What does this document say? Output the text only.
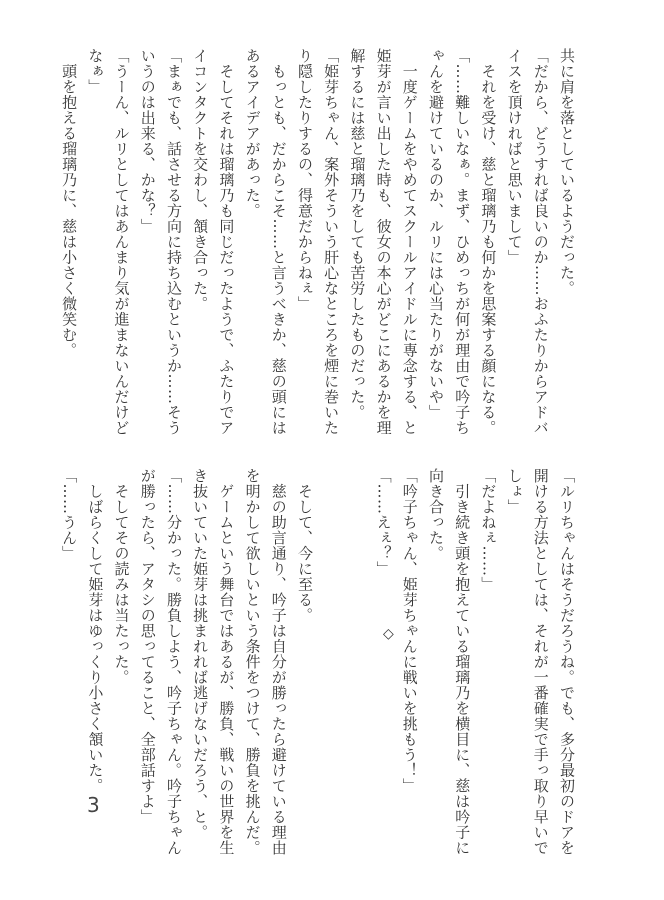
共に肩を落としているようだった。
「だから、どうすれば良いのか……おふたりからアドバイスを頂ければと思いまして」
　それを受け、慈と瑠璃乃も何かを思案する顔になる。
「……難しいなぁ。まず、ひめっちが何が理由で吟子ちゃんを避けているのか、ルリには心当たりがないや」
　一度ゲームをやめてスクールアイドルに専念する、と姫芽が言い出した時も、彼女の本心がどこにあるかを理解するには慈と瑠璃乃をしても苦労したものだった。
「姫芽ちゃん、案外そういう肝心なところを煙に巻いたり隠したりするの、得意だからねぇ」
　もっとも、だからこそ……と言うべきか、慈の頭にはあるアイデアがあった。
　そしてそれは瑠璃乃も同じだったようで、ふたりでアイコンタクトを交わし、頷き合った。
「まぁでも、話させる方向に持ち込むというか……そういうのは出来る、かな？」
「うーん、ルリとしてはあんまり気が進まないんだけどなぁ」
　頭を抱える瑠璃乃に、慈は小さく微笑む。
◇	「ルリちゃんはそうだろうね。でも、多分最初のドアを開ける方法としては、それが一番確実で手っ取り早いでしょ」
「だよねぇ……」
　引き続き頭を抱えている瑠璃乃を横目に、慈は吟子に向き合った。
「吟子ちゃん、姫芽ちゃんに戦いを挑もう！」
「……えぇ？」

　そして、今に至る。
　慈の助言通り、吟子は自分が勝ったら避けている理由を明かして欲しいという条件をつけて、勝負を挑んだ。
　ゲームという舞台ではあるが、勝負、戦いの世界を生き抜いていた姫芽は挑まれれば逃げないだろう、と。
「……分かった。勝負しよう、吟子ちゃん。吟子ちゃんが勝ったら、アタシの思ってること、全部話すよ」
　そしてその読みは当たった。
　しばらくして姫芽はゆっくり小さく頷いた。
「……うん」
3
